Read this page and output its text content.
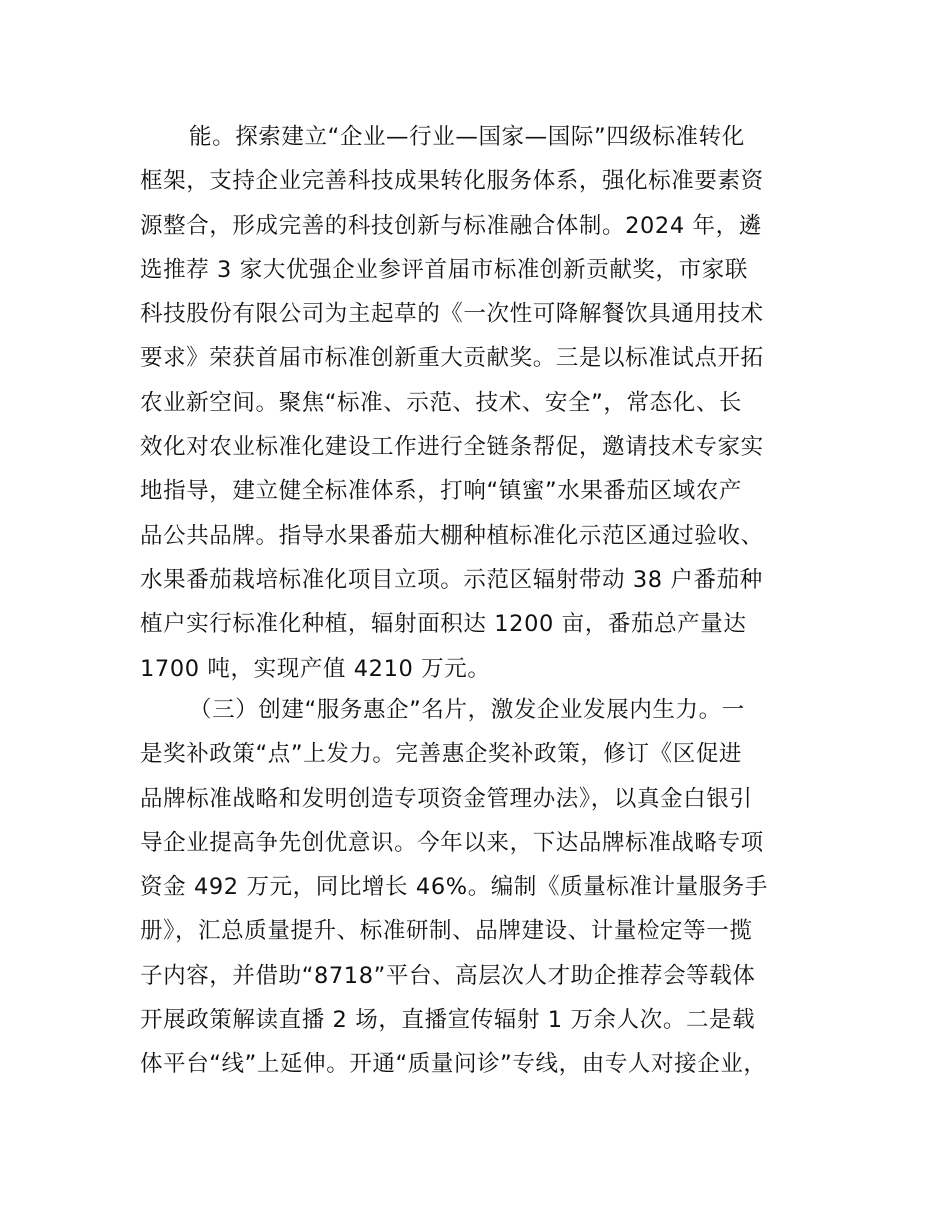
能。探索建立“企业—行业—国家—国际”四级标准转化
框架，支持企业完善科技成果转化服务体系，强化标准要素资
源整合，形成完善的科技创新与标准融合体制。2024 年，遴
选推荐 3 家大优强企业参评首届市标准创新贡献奖，市家联
科技股份有限公司为主起草的《一次性可降解餐饮具通用技术
要求》荣获首届市标准创新重大贡献奖。三是以标准试点开拓
农业新空间。聚焦“标准、示范、技术、安全”，常态化、长
效化对农业标准化建设工作进行全链条帮促，邀请技术专家实
地指导，建立健全标准体系，打响“镇蜜”水果番茄区域农产
品公共品牌。指导水果番茄大棚种植标准化示范区通过验收、
水果番茄栽培标准化项目立项。示范区辐射带动 38 户番茄种
植户实行标准化种植，辐射面积达 1200 亩，番茄总产量达
1700 吨，实现产值 4210 万元。
（三）创建“服务惠企”名片，激发企业发展内生力。一
是奖补政策“点”上发力。完善惠企奖补政策，修订《区促进
品牌标准战略和发明创造专项资金管理办法》，以真金白银引
导企业提高争先创优意识。今年以来，下达品牌标准战略专项
资金 492 万元，同比增长 46%。编制《质量标准计量服务手
册》，汇总质量提升、标准研制、品牌建设、计量检定等一揽
子内容，并借助“8718”平台、高层次人才助企推荐会等载体
开展政策解读直播 2 场，直播宣传辐射 1 万余人次。二是载
体平台“线”上延伸。开通“质量问诊”专线，由专人对接企业，
